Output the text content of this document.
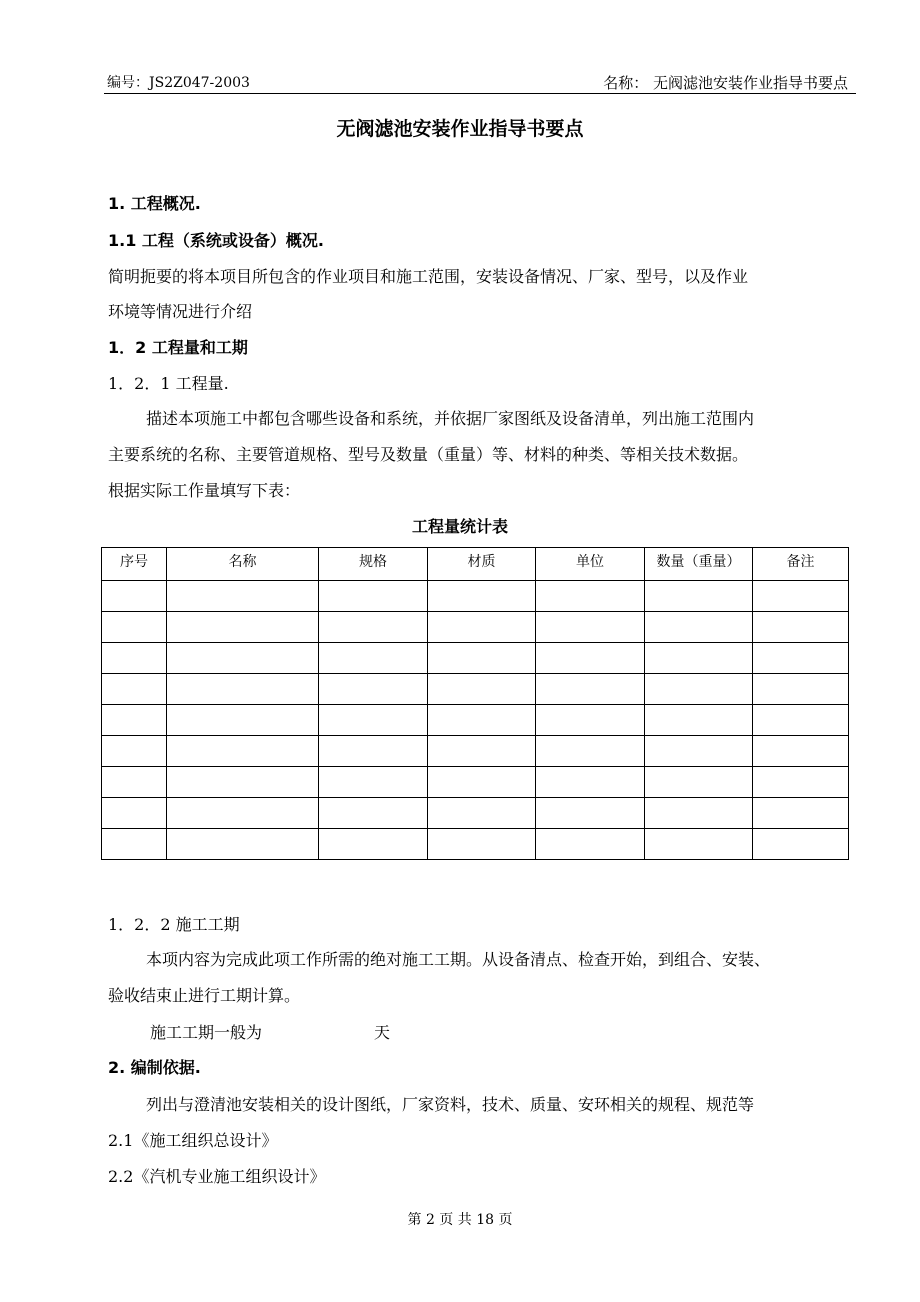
编号：JS2Z047-2003	名称： 无阀滤池安装作业指导书要点
无阀滤池安装作业指导书要点
1. 工程概况.
1.1 工程（系统或设备）概况.
简明扼要的将本项目所包含的作业项目和施工范围，安装设备情况、厂家、型号，以及作业
环境等情况进行介绍
1．2 工程量和工期
1．2．1 工程量.
描述本项施工中都包含哪些设备和系统，并依据厂家图纸及设备清单，列出施工范围内
主要系统的名称、主要管道规格、型号及数量（重量）等、材料的种类、等相关技术数据。
根据实际工作量填写下表：
工程量统计表
序号	名称	规格	材质	单位	数量（重量）	备注

1．2．2 施工工期
本项内容为完成此项工作所需的绝对施工工期。从设备清点、检查开始，到组合、安装、
验收结束止进行工期计算。
施工工期一般为	天
2. 编制依据.
列出与澄清池安装相关的设计图纸，厂家资料，技术、质量、安环相关的规程、规范等
2.1《施工组织总设计》
2.2《汽机专业施工组织设计》
第 2 页 共 18 页
